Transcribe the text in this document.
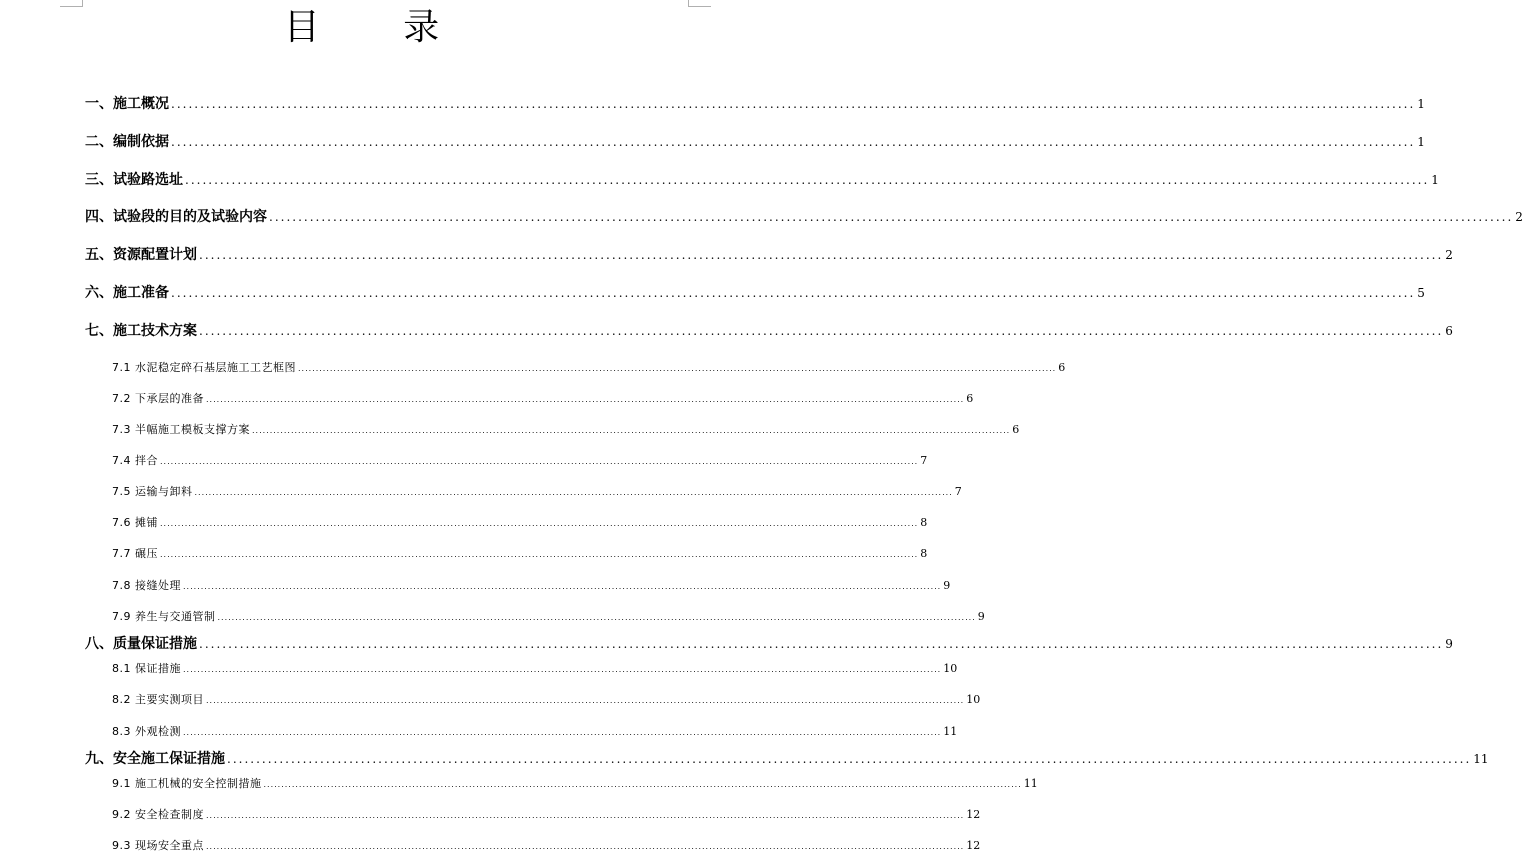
目 录
一、施工概况 ...................................................................................................................................................................................................................... 1
二、编制依据 ...................................................................................................................................................................................................................... 1
三、试验路选址 ...................................................................................................................................................................................................................... 1
四、试验段的目的及试验内容 ...................................................................................................................................................................................................................... 2
五、资源配置计划 ...................................................................................................................................................................................................................... 2
六、施工准备 ...................................................................................................................................................................................................................... 5
七、施工技术方案 ...................................................................................................................................................................................................................... 6
7.1 水泥稳定碎石基层施工工艺框图 ...................................................................................................................................................................................................................... 6
7.2 下承层的准备 ...................................................................................................................................................................................................................... 6
7.3 半幅施工模板支撑方案 ...................................................................................................................................................................................................................... 6
7.4 拌合 ...................................................................................................................................................................................................................... 7
7.5 运输与卸料 ...................................................................................................................................................................................................................... 7
7.6 摊铺 ...................................................................................................................................................................................................................... 8
7.7 碾压 ...................................................................................................................................................................................................................... 8
7.8 接缝处理 ...................................................................................................................................................................................................................... 9
7.9 养生与交通管制 ...................................................................................................................................................................................................................... 9
八、质量保证措施 ...................................................................................................................................................................................................................... 9
8.1 保证措施 ...................................................................................................................................................................................................................... 10
8.2 主要实测项目 ...................................................................................................................................................................................................................... 10
8.3 外观检测 ...................................................................................................................................................................................................................... 11
九、安全施工保证措施 ...................................................................................................................................................................................................................... 11
9.1 施工机械的安全控制措施 ...................................................................................................................................................................................................................... 11
9.2 安全检查制度 ...................................................................................................................................................................................................................... 12
9.3 现场安全重点 ...................................................................................................................................................................................................................... 12
